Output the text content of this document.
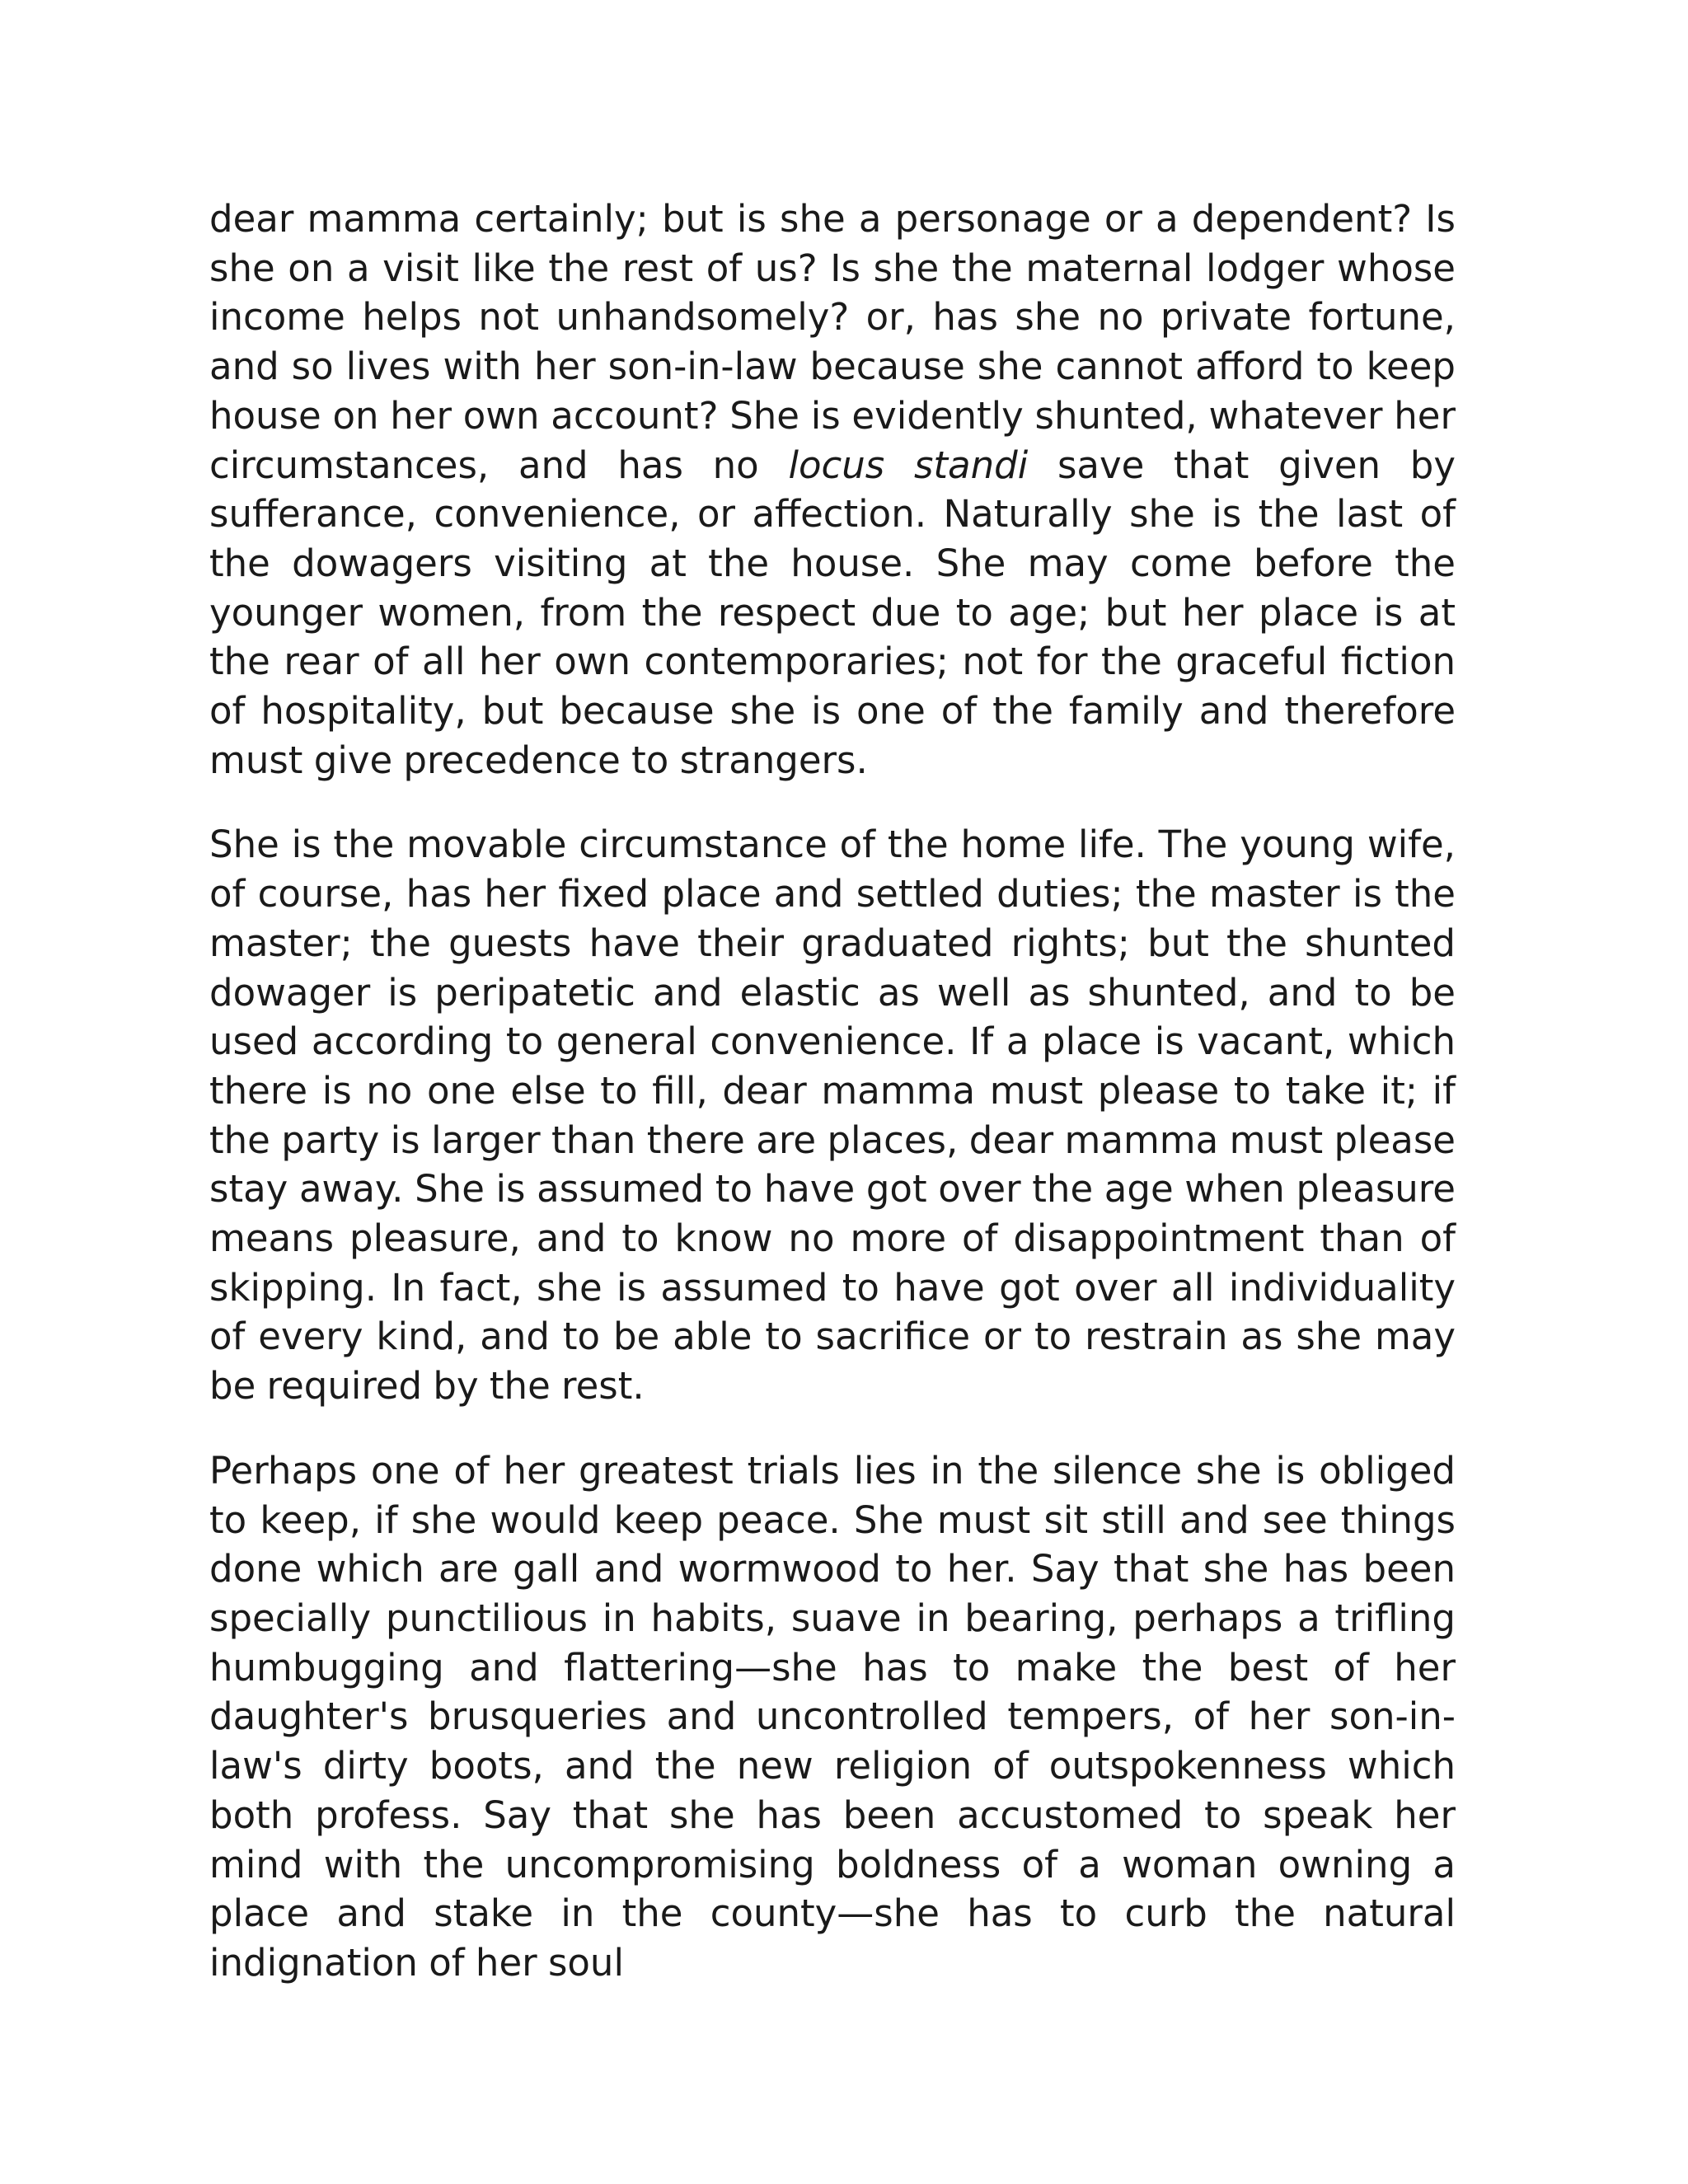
dear mamma certainly; but is she a personage or a dependent? Is she on a visit like the rest of us? Is she the maternal lodger whose income helps not unhandsomely? or, has she no private fortune, and so lives with her son-in-law because she cannot afford to keep house on her own account? She is evidently shunted, whatever her circumstances, and has no locus standi save that given by sufferance, convenience, or affection. Naturally she is the last of the dowagers visiting at the house. She may come before the younger women, from the respect due to age; but her place is at the rear of all her own contemporaries; not for the graceful fiction of hospitality, but because she is one of the family and therefore must give precedence to strangers.

She is the movable circumstance of the home life. The young wife, of course, has her fixed place and settled duties; the master is the master; the guests have their graduated rights; but the shunted dowager is peripatetic and elastic as well as shunted, and to be used according to general convenience. If a place is vacant, which there is no one else to fill, dear mamma must please to take it; if the party is larger than there are places, dear mamma must please stay away. She is assumed to have got over the age when pleasure means pleasure, and to know no more of disappointment than of skipping. In fact, she is assumed to have got over all individuality of every kind, and to be able to sacrifice or to restrain as she may be required by the rest.

Perhaps one of her greatest trials lies in the silence she is obliged to keep, if she would keep peace. She must sit still and see things done which are gall and wormwood to her. Say that she has been specially punctilious in habits, suave in bearing, perhaps a trifling humbugging and flattering—she has to make the best of her daughter's brusqueries and uncontrolled tempers, of her son-in-law's dirty boots, and the new religion of outspokenness which both profess. Say that she has been accustomed to speak her mind with the uncompromising boldness of a woman owning a place and stake in the county—she has to curb the natural indignation of her soul
